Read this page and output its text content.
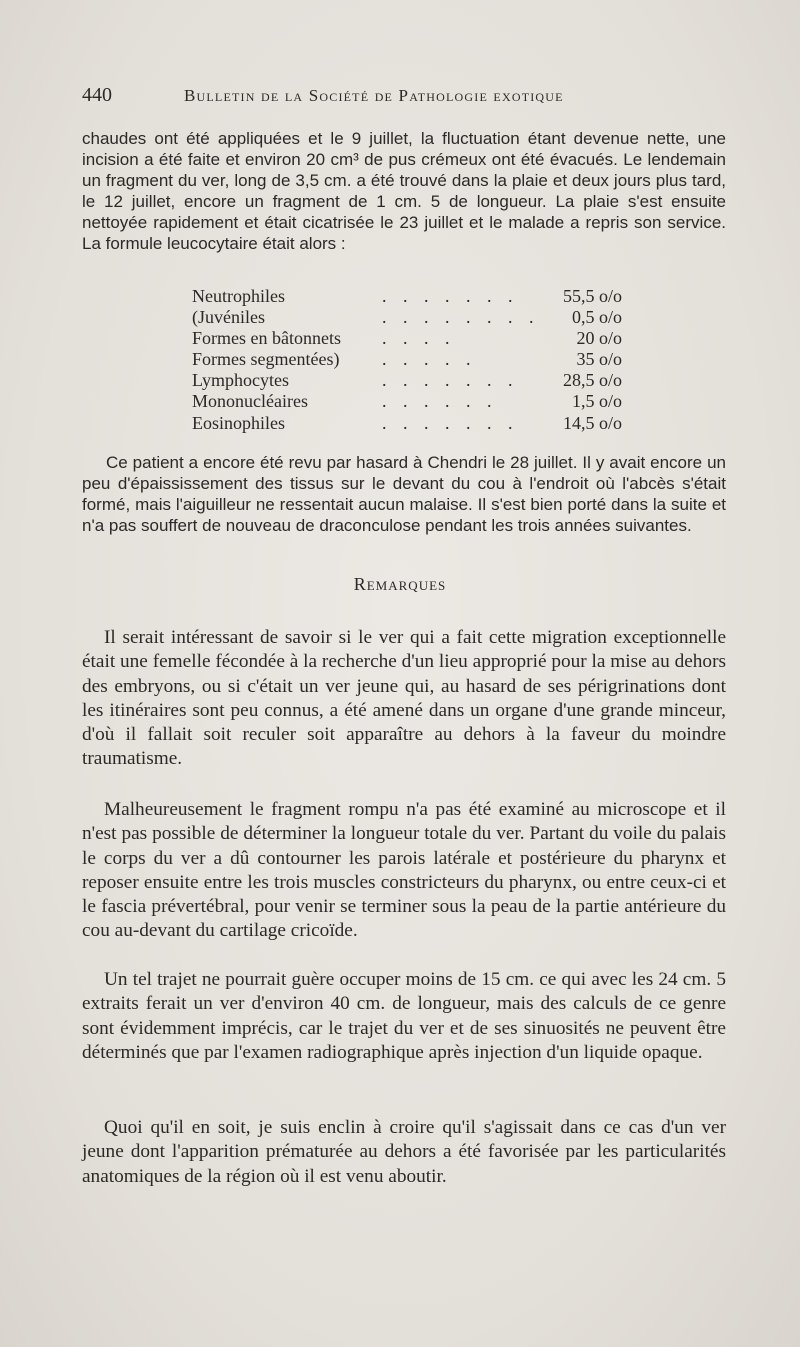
440	Bulletin de la Société de Pathologie exotique

chaudes ont été appliquées et le 9 juillet, la fluctuation étant devenue nette, une incision a été faite et environ 20 cm³ de pus crémeux ont été évacués. Le lendemain un fragment du ver, long de 3,5 cm. a été trouvé dans la plaie et deux jours plus tard, le 12 juillet, encore un fragment de 1 cm. 5 de longueur. La plaie s'est ensuite nettoyée rapidement et était cicatrisée le 23 juillet et le malade a repris son service. La formule leucocytaire était alors :

Neutrophiles	. . . . . . . 55,5 o/o
(Juvéniles	. . . . . . . . 0,5 o/o
Formes en bâtonnets . . . .	20 o/o
Formes segmentées) . . . . .	35 o/o
Lymphocytes	. . . . . . . 28,5 o/o
Mononucléaires	. . . . . .	1,5 o/o
Eosinophiles	. . . . . . . 14,5 o/o

Ce patient a encore été revu par hasard à Chendri le 28 juillet. Il y avait encore un peu d'épaississement des tissus sur le devant du cou à l'endroit où l'abcès s'était formé, mais l'aiguilleur ne ressentait aucun malaise. Il s'est bien porté dans la suite et n'a pas souffert de nouveau de draconculose pendant les trois années suivantes.

Remarques

Il serait intéressant de savoir si le ver qui a fait cette migration exceptionnelle était une femelle fécondée à la recherche d'un lieu approprié pour la mise au dehors des embryons, ou si c'était un ver jeune qui, au hasard de ses périgrinations dont les itinéraires sont peu connus, a été amené dans un organe d'une grande minceur, d'où il fallait soit reculer soit apparaître au dehors à la faveur du moindre traumatisme.

Malheureusement le fragment rompu n'a pas été examiné au microscope et il n'est pas possible de déterminer la longueur totale du ver. Partant du voile du palais le corps du ver a dû contourner les parois latérale et postérieure du pharynx et reposer ensuite entre les trois muscles constricteurs du pharynx, ou entre ceux-ci et le fascia prévertébral, pour venir se terminer sous la peau de la partie antérieure du cou au-devant du cartilage cricoïde.

Un tel trajet ne pourrait guère occuper moins de 15 cm. ce qui avec les 24 cm. 5 extraits ferait un ver d'environ 40 cm. de longueur, mais des calculs de ce genre sont évidemment imprécis, car le trajet du ver et de ses sinuosités ne peuvent être déterminés que par l'examen radiographique après injection d'un liquide opaque.

Quoi qu'il en soit, je suis enclin à croire qu'il s'agissait dans ce cas d'un ver jeune dont l'apparition prématurée au dehors a été favorisée par les particularités anatomiques de la région où il est venu aboutir.
